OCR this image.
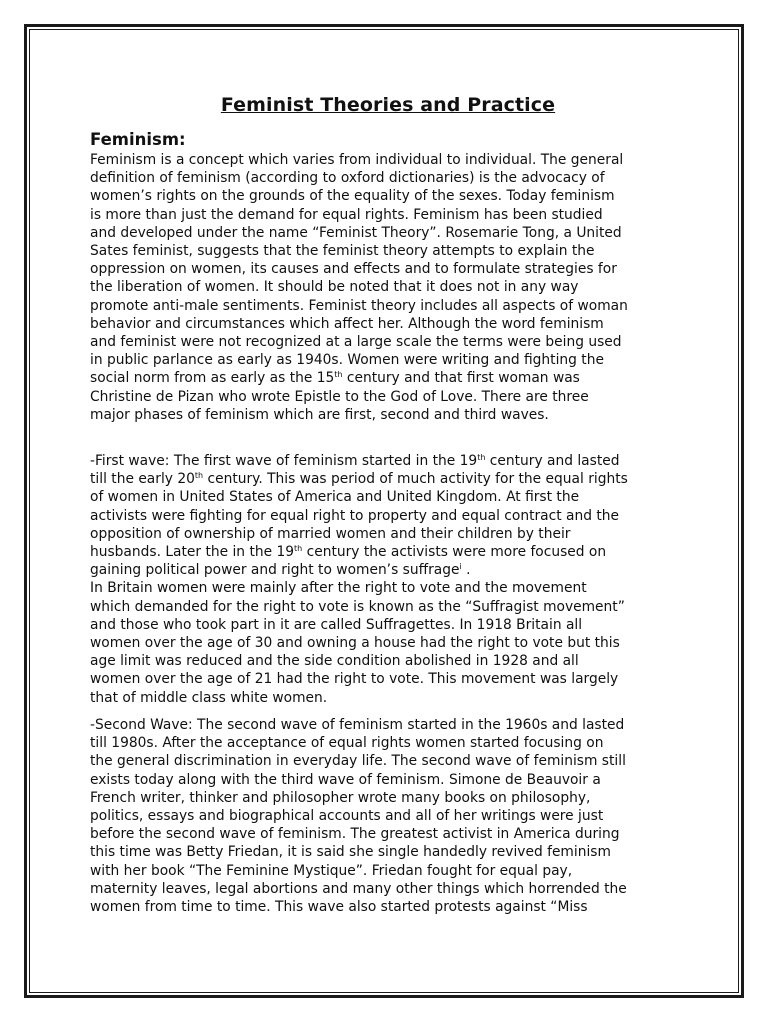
Feminist Theories and Practice
Feminism:

Feminism is a concept which varies from individual to individual. The general
definition of feminism (according to oxford dictionaries) is the advocacy of
women’s rights on the grounds of the equality of the sexes. Today feminism
is more than just the demand for equal rights. Feminism has been studied
and developed under the name “Feminist Theory”. Rosemarie Tong, a United
Sates feminist, suggests that the feminist theory attempts to explain the
oppression on women, its causes and effects and to formulate strategies for
the liberation of women. It should be noted that it does not in any way
promote anti-male sentiments. Feminist theory includes all aspects of woman
behavior and circumstances which affect her. Although the word feminism
and feminist were not recognized at a large scale the terms were being used
in public parlance as early as 1940s. Women were writing and fighting the
social norm from as early as the 15th century and that first woman was
Christine de Pizan who wrote Epistle to the God of Love. There are three
major phases of feminism which are first, second and third waves.

-First wave: The first wave of feminism started in the 19th century and lasted
till the early 20th century. This was period of much activity for the equal rights
of women in United States of America and United Kingdom. At first the
activists were fighting for equal right to property and equal contract and the
opposition of ownership of married women and their children by their
husbands. Later the in the 19th century the activists were more focused on
gaining political power and right to women’s suffrage$^i$ .
In Britain women were mainly after the right to vote and the movement
which demanded for the right to vote is known as the “Suffragist movement”
and those who took part in it are called Suffragettes. In 1918 Britain all
women over the age of 30 and owning a house had the right to vote but this
age limit was reduced and the side condition abolished in 1928 and all
women over the age of 21 had the right to vote. This movement was largely
that of middle class white women.

-Second Wave: The second wave of feminism started in the 1960s and lasted
till 1980s. After the acceptance of equal rights women started focusing on
the general discrimination in everyday life. The second wave of feminism still
exists today along with the third wave of feminism. Simone de Beauvoir a
French writer, thinker and philosopher wrote many books on philosophy,
politics, essays and biographical accounts and all of her writings were just
before the second wave of feminism. The greatest activist in America during
this time was Betty Friedan, it is said she single handedly revived feminism
with her book “The Feminine Mystique”. Friedan fought for equal pay,
maternity leaves, legal abortions and many other things which horrended the
women from time to time. This wave also started protests against “Miss
